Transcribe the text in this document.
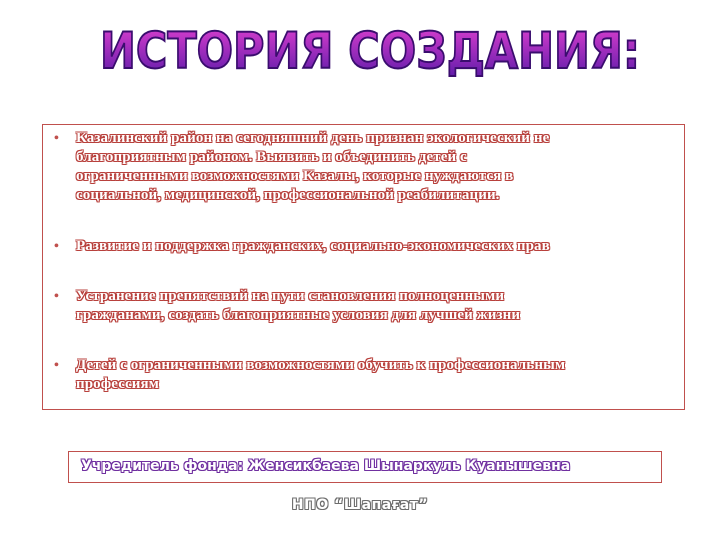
ИСТОРИЯ СОЗДАНИЯ:
• Казалинский район на сегодняшний день признан экологический не
благоприятным районом. Выявить и объединить детей с
ограниченными возможностями Казалы, которые нуждаются в
социальной, медицинской, профессиональной реабилитации.
• Развитие и поддержка гражданских, социально-экономических прав
• Устранение препятствий на пути становления полноценными
гражданами, создать благоприятные условия для лучшей жизни
• Детей с ограниченными возможностями обучить к профессиональным
профессиям
Учредитель фонда: Женсикбаева Шынаркуль Куанышевна
НПО “Шапағат”
